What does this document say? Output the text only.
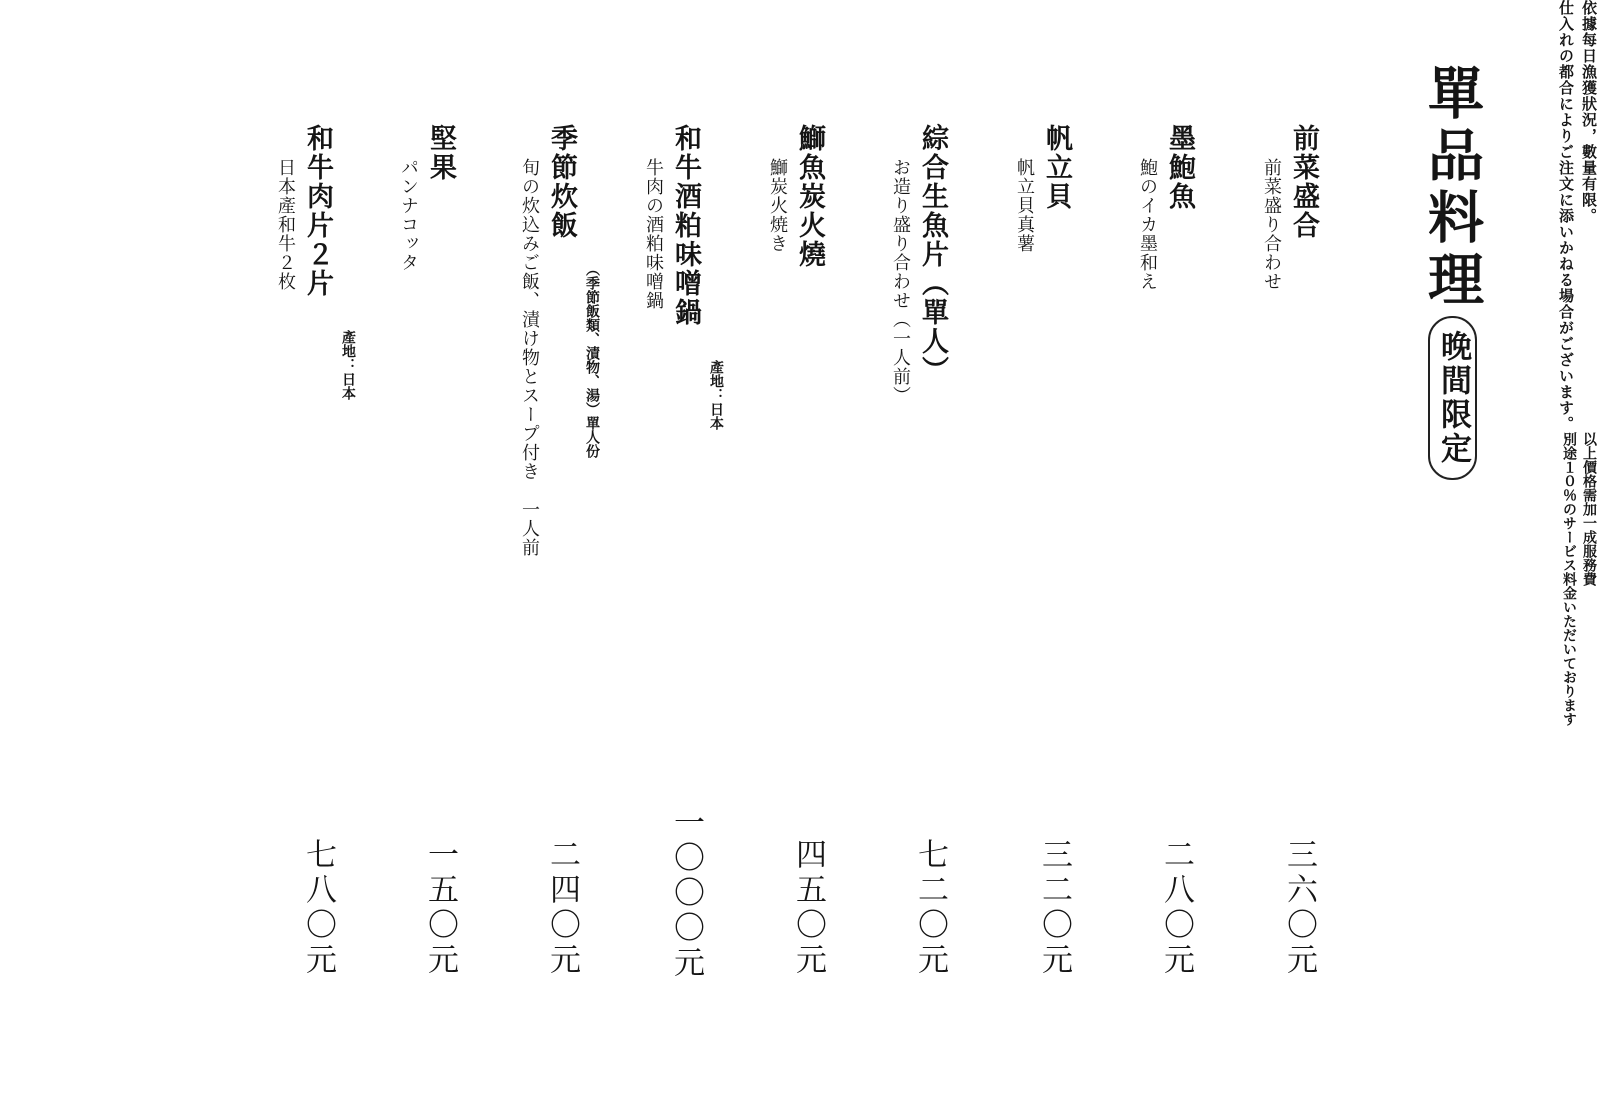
單品料理
晚間限定
依據每日漁獲狀況，數量有限。
仕入れの都合によりご注文に添いかねる場合がございます。
前菜盛合
前菜盛り合わせ
三六〇元
墨鮑魚
鮑のイカ墨和え
二八〇元
帆立貝
帆立貝真薯
三二〇元
綜合生魚片（單人）
お造り盛り合わせ（一人前）
七二〇元
鰤魚炭火燒
鰤炭火焼き
四五〇元
產地：日本
和牛酒粕味噌鍋
牛肉の酒粕味噌鍋
一〇〇〇元
（季節飯類、漬物、湯）單人份
季節炊飯
旬の炊込みご飯、漬け物とスープ付き　一人前
二四〇元
堅果
パンナコッタ
一五〇元
產地：日本
和牛肉片２片
日本產和牛２枚
七八〇元
以上價格需加一成服務費
別途１０％のサービス料金いただいております
